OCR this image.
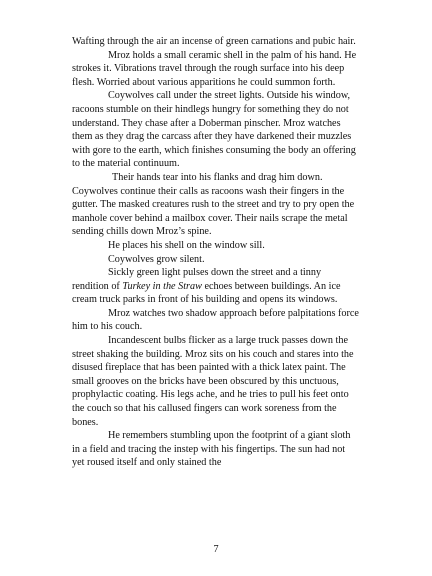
Wafting through the air an incense of green carnations and pubic hair.

Mroz holds a small ceramic shell in the palm of his hand. He strokes it. Vibrations travel through the rough surface into his deep flesh. Worried about various apparitions he could summon forth.

Coywolves call under the street lights. Outside his window, racoons stumble on their hindlegs hungry for something they do not understand. They chase after a Doberman pinscher. Mroz watches them as they drag the carcass after they have darkened their muzzles with gore to the earth, which finishes consuming the body an offering to the material continuum.

Their hands tear into his flanks and drag him down. Coywolves continue their calls as racoons wash their fingers in the gutter. The masked creatures rush to the street and try to pry open the manhole cover behind a mailbox cover. Their nails scrape the metal sending chills down Mroz’s spine.

He places his shell on the window sill.

Coywolves grow silent.

Sickly green light pulses down the street and a tinny rendition of Turkey in the Straw echoes between buildings. An ice cream truck parks in front of his building and opens its windows.

Mroz watches two shadow approach before palpitations force him to his couch.

Incandescent bulbs flicker as a large truck passes down the street shaking the building. Mroz sits on his couch and stares into the disused fireplace that has been painted with a thick latex paint. The small grooves on the bricks have been obscured by this unctuous, prophylactic coating. His legs ache, and he tries to pull his feet onto the couch so that his callused fingers can work soreness from the bones.

He remembers stumbling upon the footprint of a giant sloth in a field and tracing the instep with his fingertips. The sun had not yet roused itself and only stained the

7
